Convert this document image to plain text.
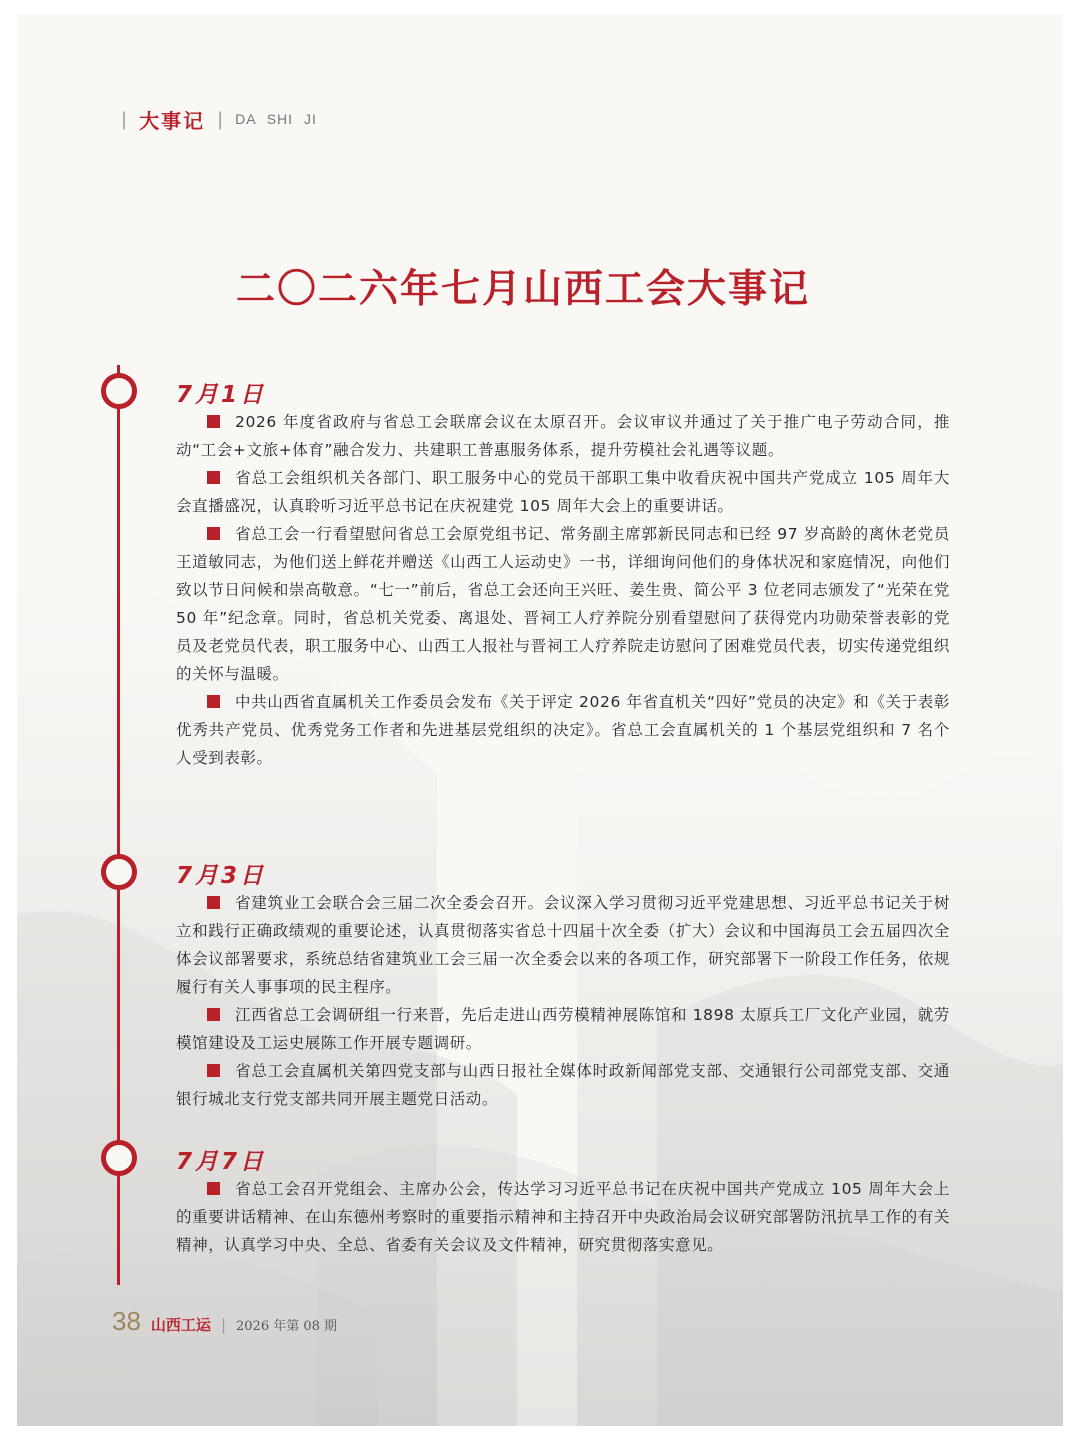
| 大事记 | DA SHI JI
二〇二六年七月山西工会大事记
7月1日

2026 年度省政府与省总工会联席会议在太原召开。会议审议并通过了关于推广电子劳动合同，推动“工会+文旅+体育”融合发力、共建职工普惠服务体系，提升劳模社会礼遇等议题。

省总工会组织机关各部门、职工服务中心的党员干部职工集中收看庆祝中国共产党成立 105 周年大会直播盛况，认真聆听习近平总书记在庆祝建党 105 周年大会上的重要讲话。

省总工会一行看望慰问省总工会原党组书记、常务副主席郭新民同志和已经 97 岁高龄的离休老党员王道敏同志，为他们送上鲜花并赠送《山西工人运动史》一书，详细询问他们的身体状况和家庭情况，向他们致以节日问候和崇高敬意。“七一”前后，省总工会还向王兴旺、姜生贵、简公平 3 位老同志颁发了“光荣在党 50 年”纪念章。同时，省总机关党委、离退处、晋祠工人疗养院分别看望慰问了获得党内功勋荣誉表彰的党员及老党员代表，职工服务中心、山西工人报社与晋祠工人疗养院走访慰问了困难党员代表，切实传递党组织的关怀与温暖。

中共山西省直属机关工作委员会发布《关于评定 2026 年省直机关“四好”党员的决定》和《关于表彰优秀共产党员、优秀党务工作者和先进基层党组织的决定》。省总工会直属机关的 1 个基层党组织和 7 名个人受到表彰。

7月3日

省建筑业工会联合会三届二次全委会召开。会议深入学习贯彻习近平党建思想、习近平总书记关于树立和践行正确政绩观的重要论述，认真贯彻落实省总十四届十次全委（扩大）会议和中国海员工会五届四次全体会议部署要求，系统总结省建筑业工会三届一次全委会以来的各项工作，研究部署下一阶段工作任务，依规履行有关人事事项的民主程序。

江西省总工会调研组一行来晋，先后走进山西劳模精神展陈馆和 1898 太原兵工厂文化产业园，就劳模馆建设及工运史展陈工作开展专题调研。

省总工会直属机关第四党支部与山西日报社全媒体时政新闻部党支部、交通银行公司部党支部、交通银行城北支行党支部共同开展主题党日活动。

7月7日

省总工会召开党组会、主席办公会，传达学习习近平总书记在庆祝中国共产党成立 105 周年大会上的重要讲话精神、在山东德州考察时的重要指示精神和主持召开中央政治局会议研究部署防汛抗旱工作的有关精神，认真学习中央、全总、省委有关会议及文件精神，研究贯彻落实意见。

38 山西工运 | 2026 年第 08 期
